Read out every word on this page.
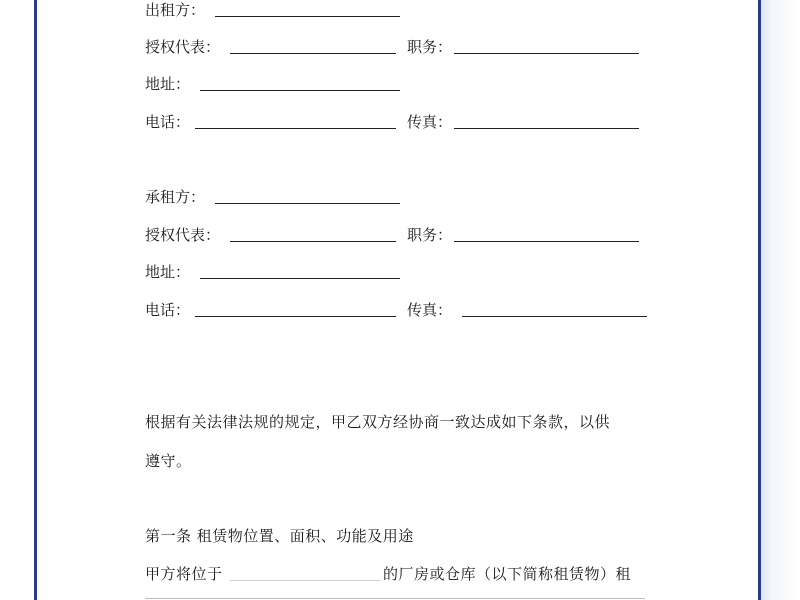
出租方：
授权代表：	职务：
地址：
电话：	传真：
承租方：
授权代表：	职务：
地址：
电话：	传真：
根据有关法律法规的规定，甲乙双方经协商一致达成如下条款，以供
遵守。
第一条 租赁物位置、面积、功能及用途
甲方将位于	的厂房或仓库（以下简称租赁物）租
